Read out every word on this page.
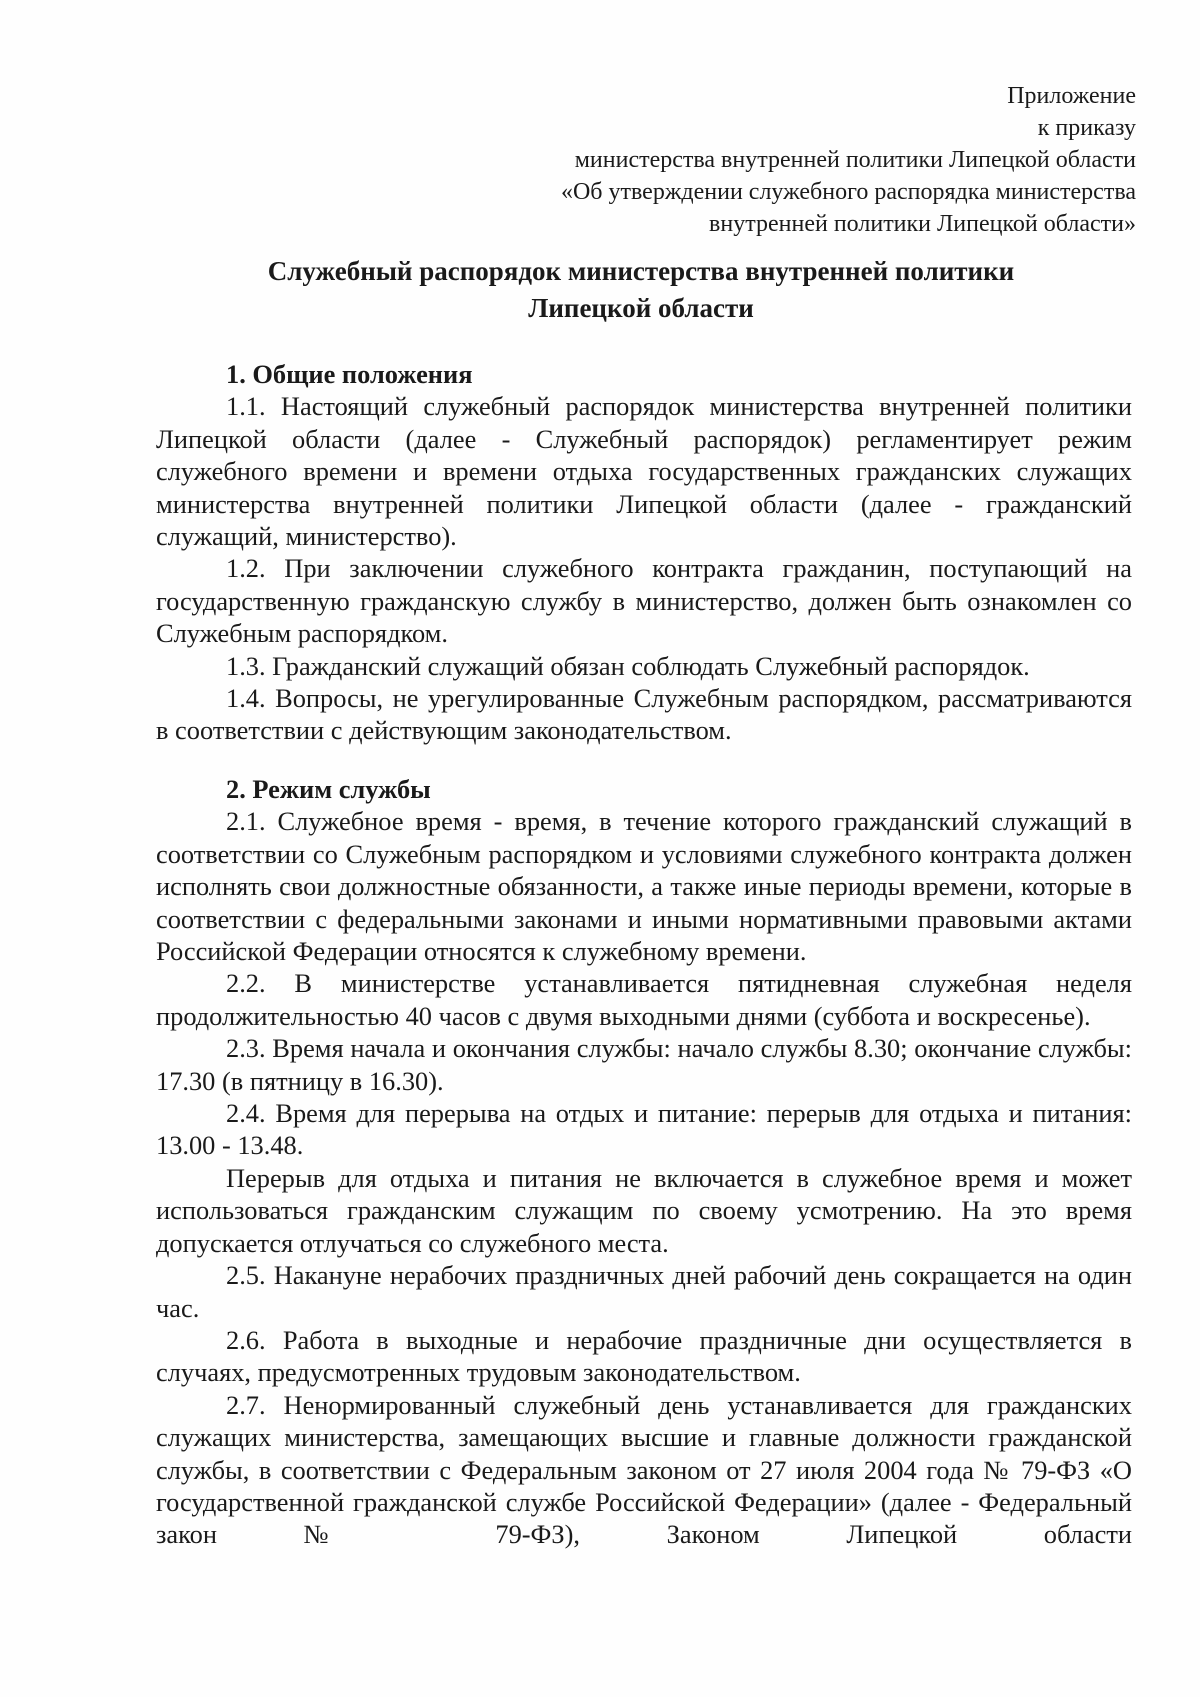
Приложение
к приказу
министерства внутренней политики Липецкой области
«Об утверждении служебного распорядка министерства
внутренней политики Липецкой области»
Служебный распорядок министерства внутренней политики
Липецкой области
1. Общие положения

1.1. Настоящий служебный распорядок министерства внутренней политики Липецкой области (далее - Служебный распорядок) регламентирует режим служебного времени и времени отдыха государственных гражданских служащих министерства внутренней политики Липецкой области (далее - гражданский служащий, министерство).

1.2. При заключении служебного контракта гражданин, поступающий на государственную гражданскую службу в министерство, должен быть ознакомлен со Служебным распорядком.

1.3. Гражданский служащий обязан соблюдать Служебный распорядок.

1.4. Вопросы, не урегулированные Служебным распорядком, рассматриваются в соответствии с действующим законодательством.

2. Режим службы

2.1. Служебное время - время, в течение которого гражданский служащий в соответствии со Служебным распорядком и условиями служебного контракта должен исполнять свои должностные обязанности, а также иные периоды времени, которые в соответствии с федеральными законами и иными нормативными правовыми актами Российской Федерации относятся к служебному времени.

2.2. В министерстве устанавливается пятидневная служебная неделя продолжительностью 40 часов с двумя выходными днями (суббота и воскресенье).

2.3. Время начала и окончания службы: начало службы 8.30; окончание службы: 17.30 (в пятницу в 16.30).

2.4. Время для перерыва на отдых и питание: перерыв для отдыха и питания: 13.00 - 13.48.

Перерыв для отдыха и питания не включается в служебное время и может использоваться гражданским служащим по своему усмотрению. На это время допускается отлучаться со служебного места.

2.5. Накануне нерабочих праздничных дней рабочий день сокращается на один час.

2.6. Работа в выходные и нерабочие праздничные дни осуществляется в случаях, предусмотренных трудовым законодательством.

2.7. Ненормированный служебный день устанавливается для гражданских служащих министерства, замещающих высшие и главные должности гражданской службы, в соответствии с Федеральным законом от 27 июля 2004 года № 79-ФЗ «О государственной гражданской службе Российской Федерации» (далее - Федеральный закон № 79-ФЗ), Законом Липецкой области
